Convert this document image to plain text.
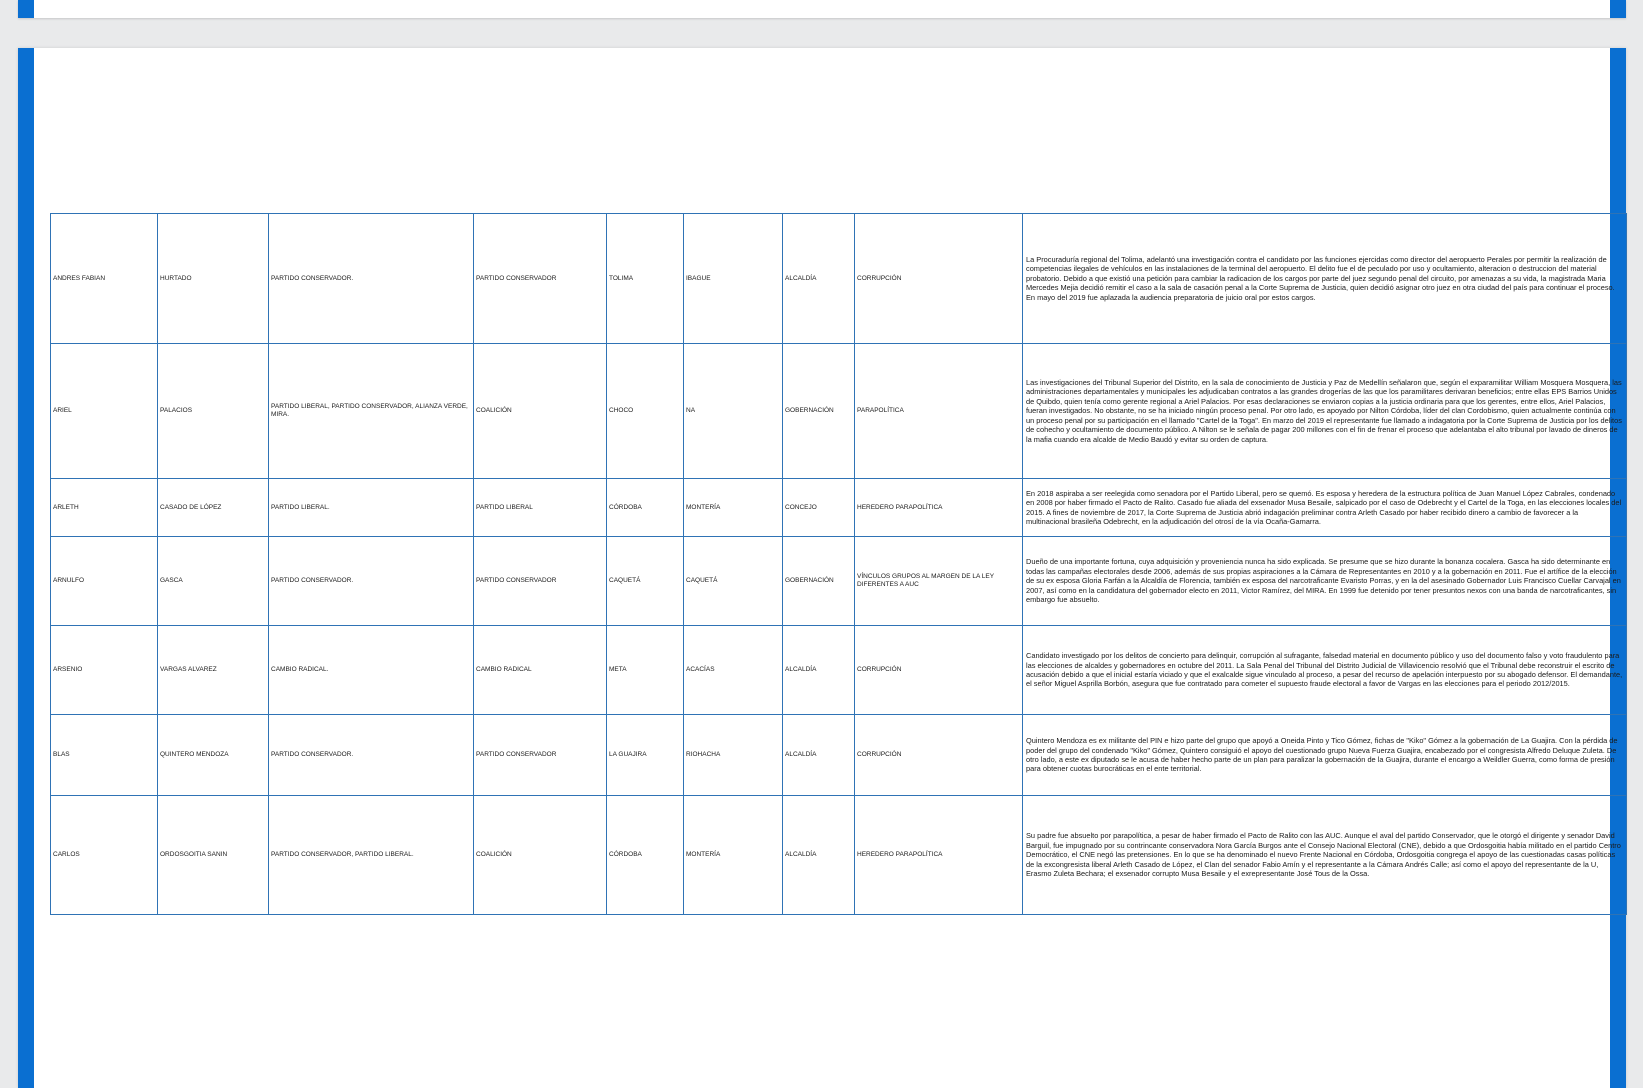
ANDRES FABIAN	HURTADO	PARTIDO CONSERVADOR.	PARTIDO CONSERVADOR	TOLIMA	IBAGUE	ALCALDÍA	CORRUPCIÓN	La Procuraduría regional del Tolima, adelantó una investigación contra el candidato por las funciones ejercidas como director del aeropuerto Perales por permitir la realización de competencias ilegales de vehículos en las instalaciones de la terminal del aeropuerto. El delito fue el de peculado por uso y ocultamiento, alteracion o destruccion del material probatorio. Debido a que existió una petición para cambiar la radicacion de los cargos por parte del juez segundo penal del circuito, por amenazas a su vida, la magistrada Maria Mercedes Mejia decidió remitir el caso a la sala de casación penal a la Corte Suprema de Justicia, quien decidió asignar otro juez en otra ciudad del país para continuar el proceso. En mayo del 2019 fue aplazada la audiencia preparatoria de juicio oral por estos cargos.
ARIEL	PALACIOS	PARTIDO LIBERAL, PARTIDO CONSERVADOR, ALIANZA VERDE, MIRA.	COALICIÓN	CHOCO	NA	GOBERNACIÓN	PARAPOLÍTICA	Las investigaciones del Tribunal Superior del Distrito, en la sala de conocimiento de Justicia y Paz de Medellín señalaron que, según el exparamilitar William Mosquera Mosquera, las administraciones departamentales y municipales les adjudicaban contratos a las grandes drogerías de las que los paramilitares derivaran beneficios; entre ellas EPS Barrios Unidos de Quibdo, quien tenía como gerente regional a Ariel Palacios. Por esas declaraciones se enviaron copias a la justicia ordinaria para que los gerentes, entre ellos, Ariel Palacios, fueran investigados. No obstante, no se ha iniciado ningún proceso penal. Por otro lado, es apoyado por Nilton Córdoba, líder del clan Cordobismo, quien actualmente continúa con un proceso penal por su participación en el llamado "Cartel de la Toga". En marzo del 2019 el representante fue llamado a indagatoria por la Corte Suprema de Justicia por los delitos de cohecho y ocultamiento de documento público. A Nilton se le señala de pagar 200 millones con el fin de frenar el proceso que adelantaba el alto tribunal por lavado de dineros de la mafia cuando era alcalde de Medio Baudó y evitar su orden de captura.
ARLETH	CASADO DE LÓPEZ	PARTIDO LIBERAL.	PARTIDO LIBERAL	CÓRDOBA	MONTERÍA	CONCEJO	HEREDERO PARAPOLÍTICA	En 2018 aspiraba a ser reelegida como senadora por el Partido Liberal, pero se quemó. Es esposa y heredera de la estructura política de Juan Manuel López Cabrales, condenado en 2008 por haber firmado el Pacto de Ralito. Casado fue aliada del exsenador Musa Besaile, salpicado por el caso de Odebrecht y el Cartel de la Toga, en las elecciones locales del 2015. A fines de noviembre de 2017, la Corte Suprema de Justicia abrió indagación preliminar contra Arleth Casado por haber recibido dinero a cambio de favorecer a la multinacional brasileña Odebrecht, en la adjudicación del otrosí de la vía Ocaña-Gamarra.
ARNULFO	GASCA	PARTIDO CONSERVADOR.	PARTIDO CONSERVADOR	CAQUETÁ	CAQUETÁ	GOBERNACIÓN	VÍNCULOS GRUPOS AL MARGEN DE LA LEY DIFERENTES A AUC	Dueño de una importante fortuna, cuya adquisición y proveniencia nunca ha sido explicada. Se presume que se hizo durante la bonanza cocalera. Gasca ha sido determinante en todas las campañas electorales desde 2006, además de sus propias aspiraciones a la Cámara de Representantes en 2010 y a la gobernación en 2011. Fue el artífice de la elección de su ex esposa Gloria Farfán a la Alcaldía de Florencia, también ex esposa del narcotraficante Evaristo Porras, y en la del asesinado Gobernador Luis Francisco Cuellar Carvajal en 2007, así como en la candidatura del gobernador electo en 2011, Victor Ramírez, del MIRA. En 1999 fue detenido por tener presuntos nexos con una banda de narcotraficantes, sin embargo fue absuelto.
ARSENIO	VARGAS ALVAREZ	CAMBIO RADICAL.	CAMBIO RADICAL	META	ACACÍAS	ALCALDÍA	CORRUPCIÓN	Candidato investigado por los delitos de concierto para delinquir, corrupción al sufragante, falsedad material en documento público y uso del documento falso y voto fraudulento para las elecciones de alcaldes y gobernadores en octubre del 2011. La Sala Penal del Tribunal del Distrito Judicial de Villavicencio resolvió que el Tribunal debe reconstruir el escrito de acusación debido a que el inicial estaría viciado y que el exalcalde sigue vinculado al proceso, a pesar del recurso de apelación interpuesto por su abogado defensor. El demandante, el señor Miguel Asprilla Borbón, asegura que fue contratado para cometer el supuesto fraude electoral a favor de Vargas en las elecciones para el periodo 2012/2015.
BLAS	QUINTERO MENDOZA	PARTIDO CONSERVADOR.	PARTIDO CONSERVADOR	LA GUAJIRA	RIOHACHA	ALCALDÍA	CORRUPCIÓN	Quintero Mendoza es ex militante del PIN e hizo parte del grupo que apoyó a Oneida Pinto y Tico Gómez, fichas de "Kiko" Gómez a la gobernación de La Guajira. Con la pérdida de poder del grupo del condenado "Kiko" Gómez, Quintero consiguió el apoyo del cuestionado grupo Nueva Fuerza Guajira, encabezado por el congresista Alfredo Deluque Zuleta. De otro lado, a este ex diputado se le acusa de haber hecho parte de un plan para paralizar la gobernación de la Guajira, durante el encargo a Weildler Guerra, como forma de presión para obtener cuotas burocráticas en el ente territorial.
CARLOS	ORDOSGOITIA SANIN	PARTIDO CONSERVADOR, PARTIDO LIBERAL.	COALICIÓN	CÓRDOBA	MONTERÍA	ALCALDÍA	HEREDERO PARAPOLÍTICA	Su padre fue absuelto por parapolítica, a pesar de haber firmado el Pacto de Ralito con las AUC. Aunque el aval del partido Conservador, que le otorgó el dirigente y senador David Barguil, fue impugnado por su contrincante conservadora Nora García Burgos ante el Consejo Nacional Electoral (CNE), debido a que Ordosgoitia había militado en el partido Centro Democrático, el CNE negó las pretensiones. En lo que se ha denominado el nuevo Frente Nacional en Córdoba, Ordosgoitia congrega el apoyo de las cuestionadas casas políticas de la excongresista liberal Arleth Casado de López, el Clan del senador Fabio Amín y el representante a la Cámara Andrés Calle; así como el apoyo del representante de la U, Erasmo Zuleta Bechara; el exsenador corrupto Musa Besaile y el exrepresentante José Tous de la Ossa.
